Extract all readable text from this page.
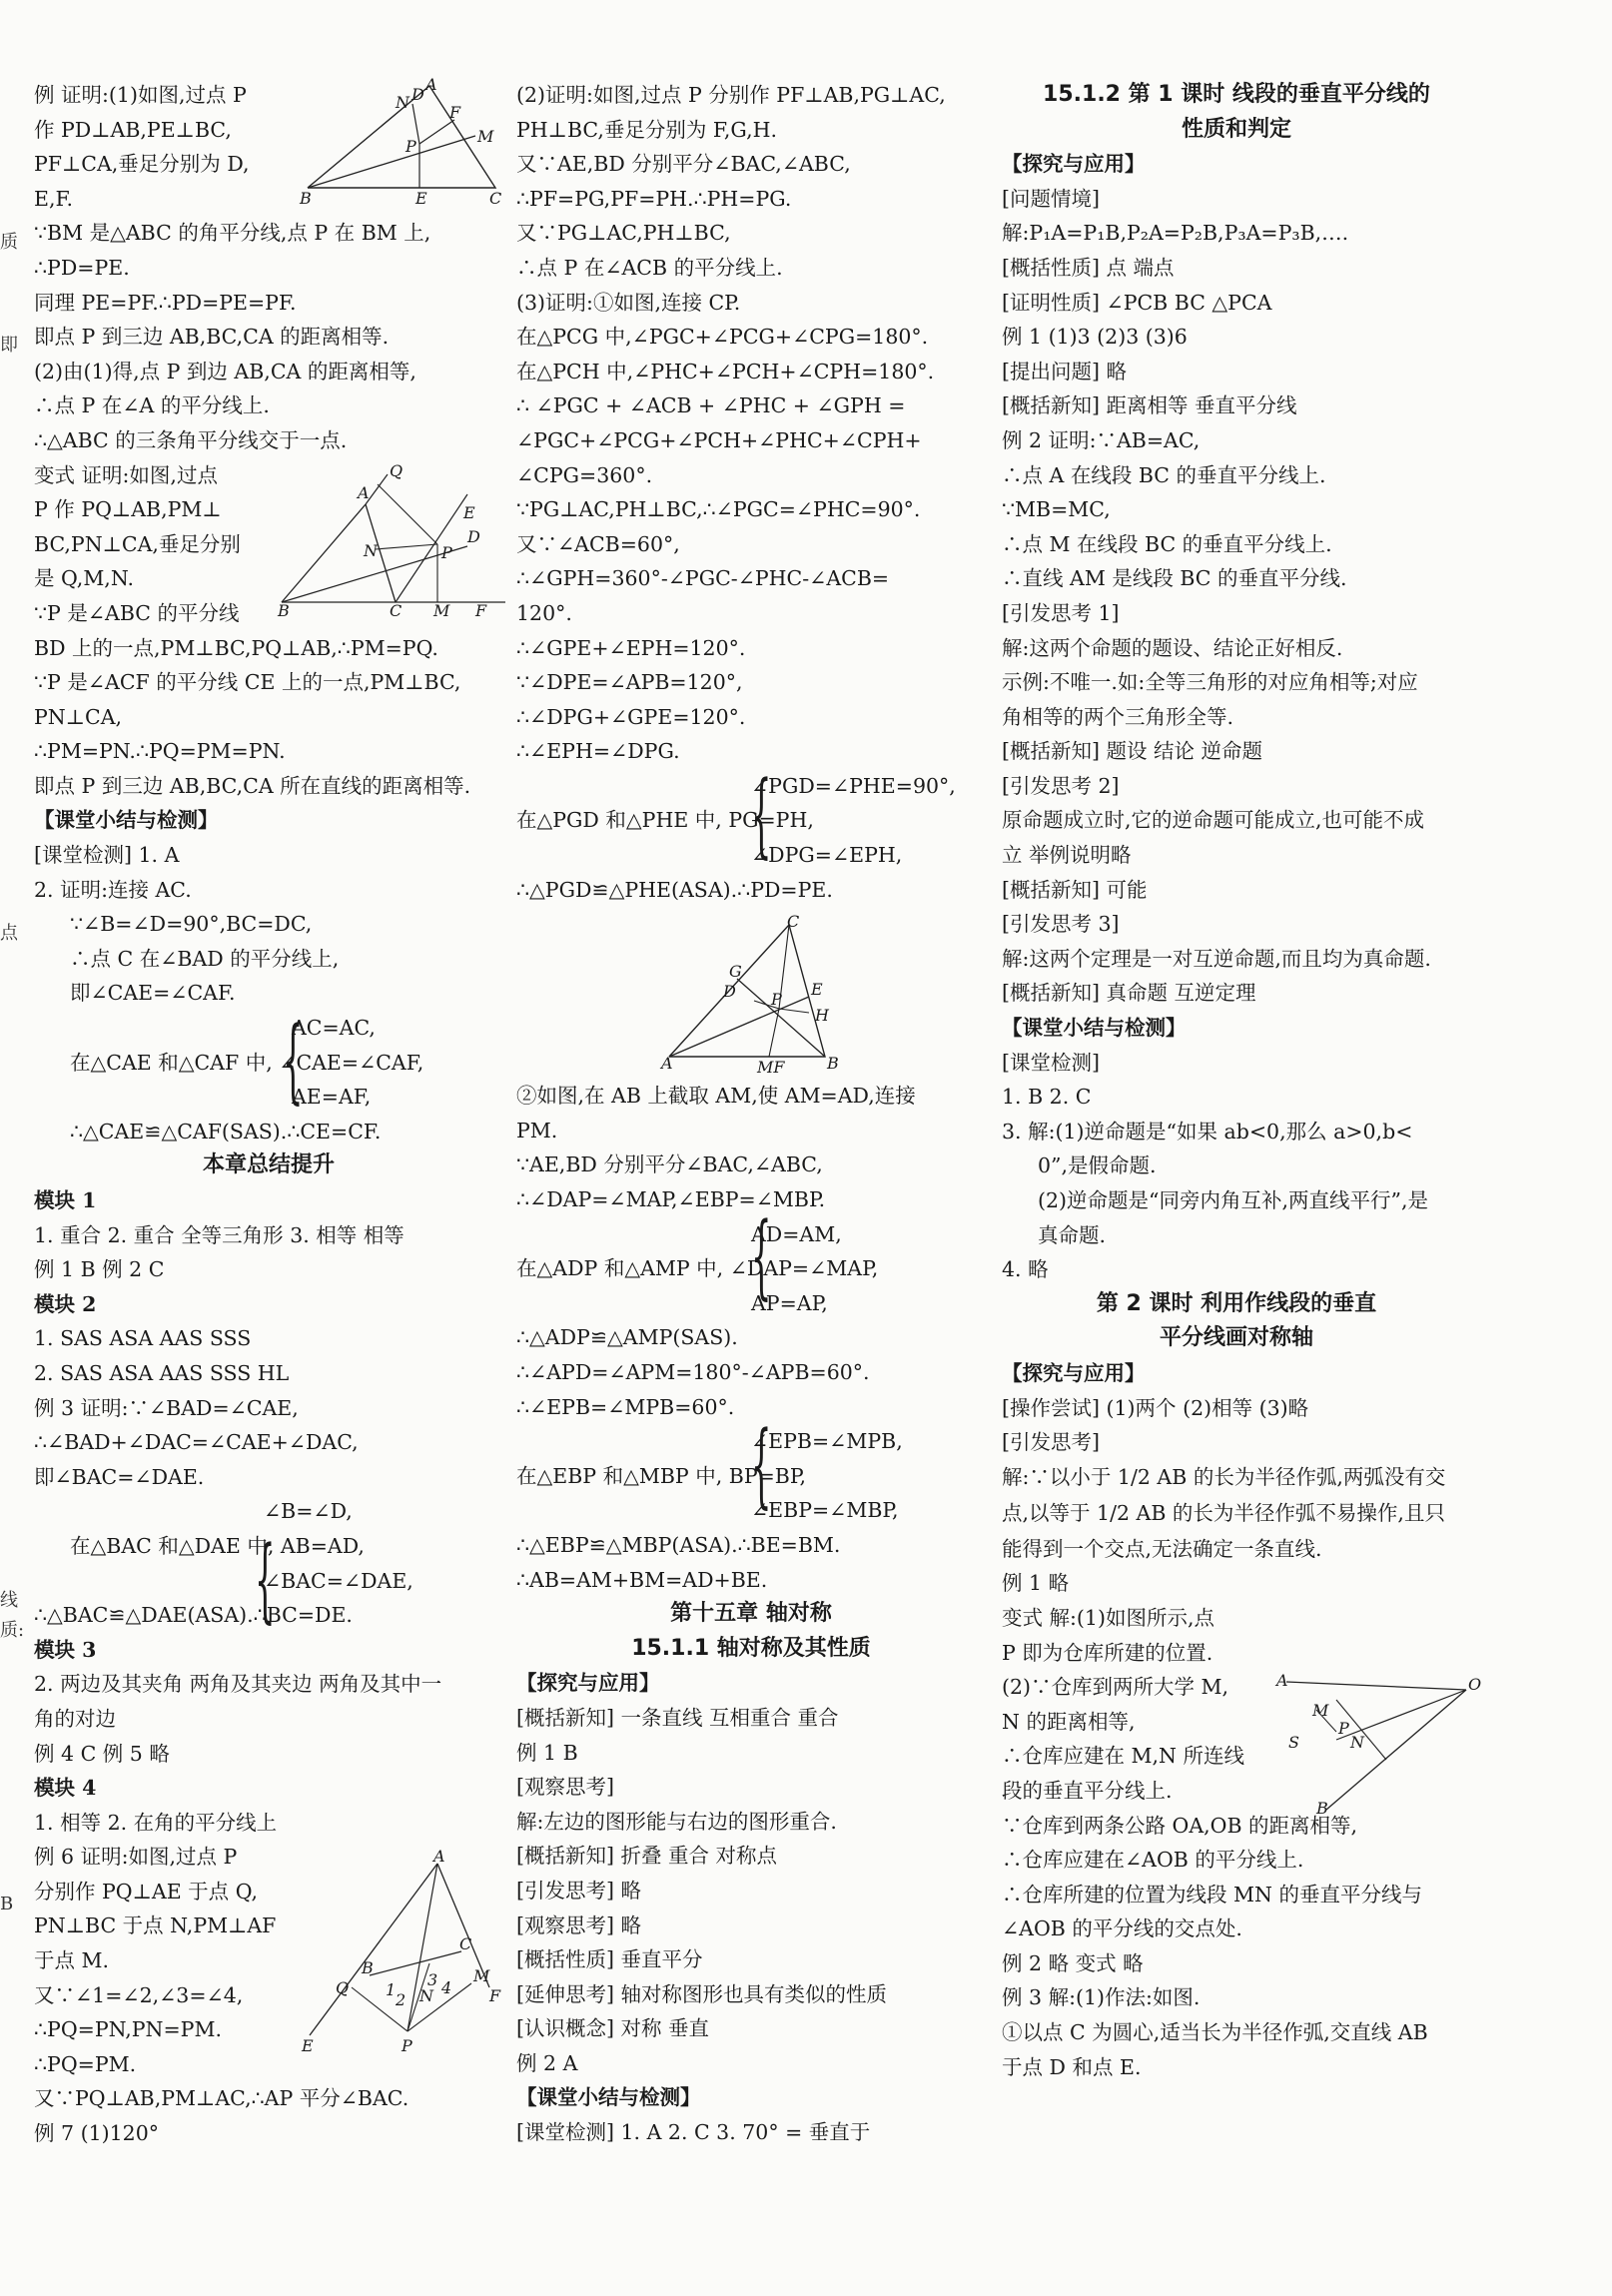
质
即
点
线
质:
B
例 证明:(1)如图,过点 P
作 PD⊥AB,PE⊥BC,
PF⊥CA,垂足分别为 D,
E,F.
∵BM 是△ABC 的角平分线,点 P 在 BM 上,
∴PD=PE.
同理 PE=PF.∴PD=PE=PF.
即点 P 到三边 AB,BC,CA 的距离相等.
(2)由(1)得,点 P 到边 AB,CA 的距离相等,
∴点 P 在∠A 的平分线上.
∴△ABC 的三条角平分线交于一点.
变式 证明:如图,过点
P 作 PQ⊥AB,PM⊥
BC,PN⊥CA,垂足分别
是 Q,M,N.
∵P 是∠ABC 的平分线
BD 上的一点,PM⊥BC,PQ⊥AB,∴PM=PQ.
∵P 是∠ACF 的平分线 CE 上的一点,PM⊥BC,
PN⊥CA,
∴PM=PN.∴PQ=PM=PN.
即点 P 到三边 AB,BC,CA 所在直线的距离相等.
【课堂小结与检测】
[课堂检测] 1. A
2. 证明:连接 AC.
∵∠B=∠D=90°,BC=DC,
∴点 C 在∠BAD 的平分线上,
即∠CAE=∠CAF.
AC=AC,
在△CAE 和△CAF 中, ∠CAE=∠CAF,
AE=AF,
∴△CAE≌△CAF(SAS).∴CE=CF.
本章总结提升
模块 1
1. 重合 2. 重合 全等三角形 3. 相等 相等
例 1 B 例 2 C
模块 2
1. SAS ASA AAS SSS
2. SAS ASA AAS SSS HL
例 3 证明:∵∠BAD=∠CAE,
∴∠BAD+∠DAC=∠CAE+∠DAC,
即∠BAC=∠DAE.
∠B=∠D,
在△BAC 和△DAE 中, AB=AD,
∠BAC=∠DAE,
∴△BAC≌△DAE(ASA).∴BC=DE.
模块 3
2. 两边及其夹角 两角及其夹边 两角及其中一
角的对边
例 4 C 例 5 略
模块 4
1. 相等 2. 在角的平分线上
例 6 证明:如图,过点 P
分别作 PQ⊥AE 于点 Q,
PN⊥BC 于点 N,PM⊥AF
于点 M.
又∵∠1=∠2,∠3=∠4,
∴PQ=PN,PN=PM.
∴PQ=PM.
又∵PQ⊥AB,PM⊥AC,∴AP 平分∠BAC.
例 7 (1)120°
{
{
A
B	C
N D
F
M
P
E
B	C M F
A
Q
E
D
N	P
A
B
C
Q
E
F
M
P
1
2
3 4
N
(2)证明:如图,过点 P 分别作 PF⊥AB,PG⊥AC,
PH⊥BC,垂足分别为 F,G,H.
又∵AE,BD 分别平分∠BAC,∠ABC,
∴PF=PG,PF=PH.∴PH=PG.
又∵PG⊥AC,PH⊥BC,
∴点 P 在∠ACB 的平分线上.
(3)证明:①如图,连接 CP.
在△PCG 中,∠PGC+∠PCG+∠CPG=180°.
在△PCH 中,∠PHC+∠PCH+∠CPH=180°.
∴ ∠PGC + ∠ACB + ∠PHC + ∠GPH =
∠PGC+∠PCG+∠PCH+∠PHC+∠CPH+
∠CPG=360°.
∵PG⊥AC,PH⊥BC,∴∠PGC=∠PHC=90°.
又∵∠ACB=60°,
∴∠GPH=360°-∠PGC-∠PHC-∠ACB=
120°.
∴∠GPE+∠EPH=120°.
∵∠DPE=∠APB=120°,
∴∠DPG+∠GPE=120°.
∴∠EPH=∠DPG.
∠PGD=∠PHE=90°,
在△PGD 和△PHE 中, PG=PH,
∠DPG=∠EPH,
∴△PGD≌△PHE(ASA).∴PD=PE.
②如图,在 AB 上截取 AM,使 AM=AD,连接
PM.
∵AE,BD 分别平分∠BAC,∠ABC,
∴∠DAP=∠MAP,∠EBP=∠MBP.
AD=AM,
在△ADP 和△AMP 中, ∠DAP=∠MAP,
AP=AP,
∴△ADP≌△AMP(SAS).
∴∠APD=∠APM=180°-∠APB=60°.
∴∠EPB=∠MPB=60°.
∠EPB=∠MPB,
在△EBP 和△MBP 中, BP=BP,
∠EBP=∠MBP,
∴△EBP≌△MBP(ASA).∴BE=BM.
∴AB=AM+BM=AD+BE.
第十五章 轴对称
15.1.1 轴对称及其性质
【探究与应用】
[概括新知] 一条直线 互相重合 重合
例 1 B
[观察思考]
解:左边的图形能与右边的图形重合.
[概括新知] 折叠 重合 对称点
[引发思考] 略
[观察思考] 略
[概括性质] 垂直平分
[延伸思考] 轴对称图形也具有类似的性质
[认识概念] 对称 垂直
例 2 A
【课堂小结与检测】
[课堂检测] 1. A 2. C 3. 70° = 垂直于
{
{
{
C
A	B
G
D	E
H
P
MF
15.1.2 第 1 课时 线段的垂直平分线的
性质和判定
【探究与应用】
[问题情境]
解:P₁A=P₁B,P₂A=P₂B,P₃A=P₃B,….
[概括性质] 点 端点
[证明性质] ∠PCB BC △PCA
例 1 (1)3 (2)3 (3)6
[提出问题] 略
[概括新知] 距离相等 垂直平分线
例 2 证明:∵AB=AC,
∴点 A 在线段 BC 的垂直平分线上.
∵MB=MC,
∴点 M 在线段 BC 的垂直平分线上.
∴直线 AM 是线段 BC 的垂直平分线.
[引发思考 1]
解:这两个命题的题设、结论正好相反.
示例:不唯一.如:全等三角形的对应角相等;对应
角相等的两个三角形全等.
[概括新知] 题设 结论 逆命题
[引发思考 2]
原命题成立时,它的逆命题可能成立,也可能不成
立 举例说明略
[概括新知] 可能
[引发思考 3]
解:这两个定理是一对互逆命题,而且均为真命题.
[概括新知] 真命题 互逆定理
【课堂小结与检测】
[课堂检测]
1. B 2. C
3. 解:(1)逆命题是“如果 ab<0,那么 a>0,b<
0”,是假命题.
(2)逆命题是“同旁内角互补,两直线平行”,是
真命题.
4. 略
第 2 课时 利用作线段的垂直
平分线画对称轴
【探究与应用】
[操作尝试] (1)两个 (2)相等 (3)略
[引发思考]
解:∵以小于 1/2 AB 的长为半径作弧,两弧没有交
点,以等于 1/2 AB 的长为半径作弧不易操作,且只
能得到一个交点,无法确定一条直线.
例 1 略
变式 解:(1)如图所示,点
P 即为仓库所建的位置.
(2)∵仓库到两所大学 M,
N 的距离相等,
∴仓库应建在 M,N 所连线
段的垂直平分线上.
∵仓库到两条公路 OA,OB 的距离相等,
∴仓库应建在∠AOB 的平分线上.
∴仓库所建的位置为线段 MN 的垂直平分线与
∠AOB 的平分线的交点处.
例 2 略 变式 略
例 3 解:(1)作法:如图.
①以点 C 为圆心,适当长为半径作弧,交直线 AB
于点 D 和点 E.
A	O
B
M
P
N
S
